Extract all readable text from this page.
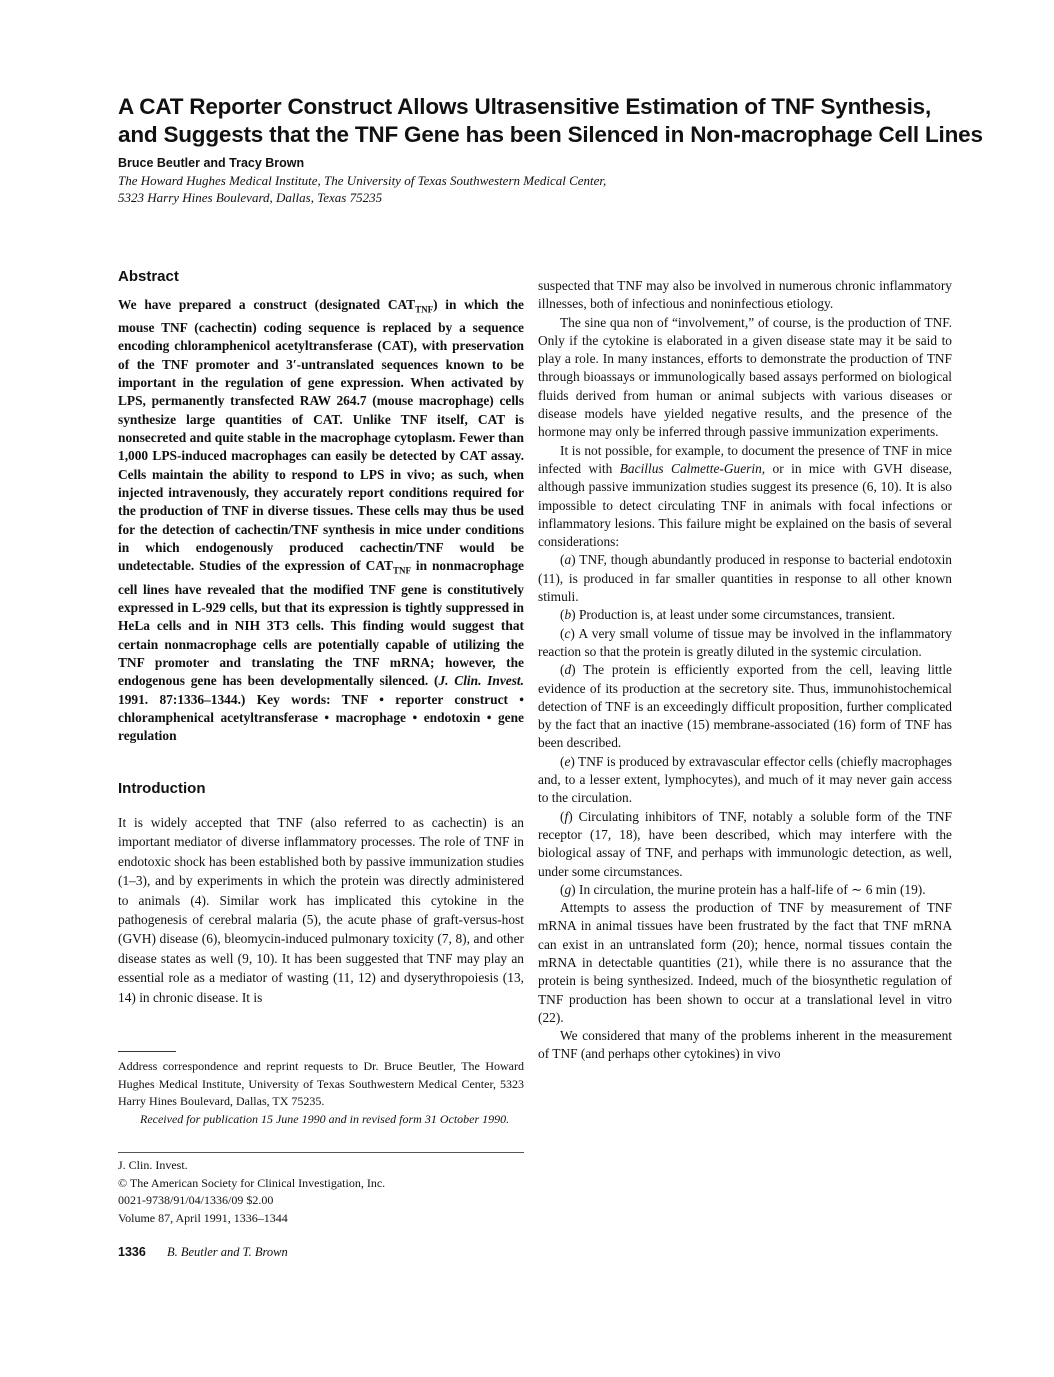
A CAT Reporter Construct Allows Ultrasensitive Estimation of TNF Synthesis,
and Suggests that the TNF Gene has been Silenced in Non-macrophage Cell Lines
Bruce Beutler and Tracy Brown
The Howard Hughes Medical Institute, The University of Texas Southwestern Medical Center,
5323 Harry Hines Boulevard, Dallas, Texas 75235
Abstract
We have prepared a construct (designated $CAT_{TNF}$) in which the mouse TNF (cachectin) coding sequence is replaced by a sequence encoding chloramphenicol acetyltransferase (CAT), with preservation of the TNF promoter and 3′-untranslated sequences known to be important in the regulation of gene expression. When activated by LPS, permanently transfected RAW 264.7 (mouse macrophage) cells synthesize large quantities of CAT. Unlike TNF itself, CAT is nonsecreted and quite stable in the macrophage cytoplasm. Fewer than 1,000 LPS-induced macrophages can easily be detected by CAT assay. Cells maintain the ability to respond to LPS in vivo; as such, when injected intravenously, they accurately report conditions required for the production of TNF in diverse tissues. These cells may thus be used for the detection of cachectin/TNF synthesis in mice under conditions in which endogenously produced cachectin/TNF would be undetectable. Studies of the expression of $CAT_{TNF}$ in nonmacrophage cell lines have revealed that the modified TNF gene is constitutively expressed in L-929 cells, but that its expression is tightly suppressed in HeLa cells and in NIH 3T3 cells. This finding would suggest that certain nonmacrophage cells are potentially capable of utilizing the TNF promoter and translating the TNF mRNA; however, the endogenous gene has been developmentally silenced. (J. Clin. Invest. 1991. 87:1336–1344.) Key words: TNF • reporter construct • chloramphenical acetyltransferase • macrophage • endotoxin • gene regulation
Introduction

It is widely accepted that TNF (also referred to as cachectin) is an important mediator of diverse inflammatory processes. The role of TNF in endotoxic shock has been established both by passive immunization studies (1–3), and by experiments in which the protein was directly administered to animals (4). Similar work has implicated this cytokine in the pathogenesis of cerebral malaria (5), the acute phase of graft-versus-host (GVH) disease (6), bleomycin-induced pulmonary toxicity (7, 8), and other disease states as well (9, 10). It has been suggested that TNF may play an essential role as a mediator of wasting (11, 12) and dyserythropoiesis (13, 14) in chronic disease. It is

suspected that TNF may also be involved in numerous chronic inflammatory illnesses, both of infectious and noninfectious etiology.

The sine qua non of “involvement,” of course, is the production of TNF. Only if the cytokine is elaborated in a given disease state may it be said to play a role. In many instances, efforts to demonstrate the production of TNF through bioassays or immunologically based assays performed on biological fluids derived from human or animal subjects with various diseases or disease models have yielded negative results, and the presence of the hormone may only be inferred through passive immunization experiments.

It is not possible, for example, to document the presence of TNF in mice infected with Bacillus Calmette-Guerin, or in mice with GVH disease, although passive immunization studies suggest its presence (6, 10). It is also impossible to detect circulating TNF in animals with focal infections or inflammatory lesions. This failure might be explained on the basis of several considerations:

(a) TNF, though abundantly produced in response to bacterial endotoxin (11), is produced in far smaller quantities in response to all other known stimuli.

(b) Production is, at least under some circumstances, transient.

(c) A very small volume of tissue may be involved in the inflammatory reaction so that the protein is greatly diluted in the systemic circulation.

(d) The protein is efficiently exported from the cell, leaving little evidence of its production at the secretory site. Thus, immunohistochemical detection of TNF is an exceedingly difficult proposition, further complicated by the fact that an inactive (15) membrane-associated (16) form of TNF has been described.

(e) TNF is produced by extravascular effector cells (chiefly macrophages and, to a lesser extent, lymphocytes), and much of it may never gain access to the circulation.

(f) Circulating inhibitors of TNF, notably a soluble form of the TNF receptor (17, 18), have been described, which may interfere with the biological assay of TNF, and perhaps with immunologic detection, as well, under some circumstances.

(g) In circulation, the murine protein has a half-life of ∼ 6 min (19).

Attempts to assess the production of TNF by measurement of TNF mRNA in animal tissues have been frustrated by the fact that TNF mRNA can exist in an untranslated form (20); hence, normal tissues contain the mRNA in detectable quantities (21), while there is no assurance that the protein is being synthesized. Indeed, much of the biosynthetic regulation of TNF production has been shown to occur at a translational level in vitro (22).

We considered that many of the problems inherent in the measurement of TNF (and perhaps other cytokines) in vivo

Address correspondence and reprint requests to Dr. Bruce Beutler, The Howard Hughes Medical Institute, University of Texas Southwestern Medical Center, 5323 Harry Hines Boulevard, Dallas, TX 75235.
Received for publication 15 June 1990 and in revised form 31 October 1990.
J. Clin. Invest.
© The American Society for Clinical Investigation, Inc.
0021-9738/91/04/1336/09 $2.00
Volume 87, April 1991, 1336–1344
1336 B. Beutler and T. Brown
